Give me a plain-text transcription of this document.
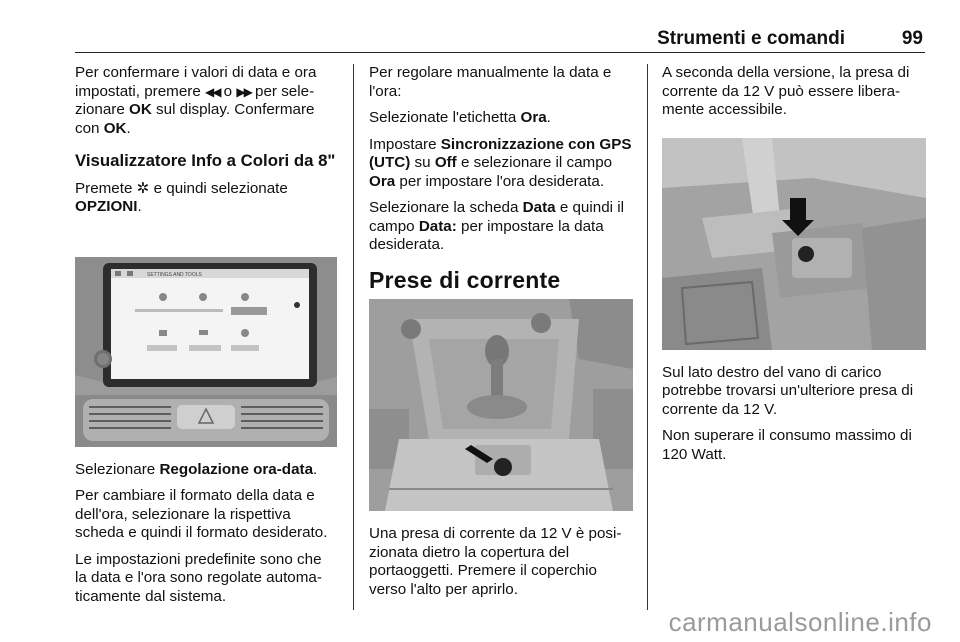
Strumenti e comandi	99

Per confermare i valori di data e ora impostati, premere ◀◀ o ▶▶ per sele-zionare OK sul display. Confermare con OK.

Visualizzatore Info a Colori da 8"

Premete ✲ e quindi selezionate OPZIONI.

SETTINGS AND TOOLS

Selezionare Regolazione ora-data.

Per cambiare il formato della data e dell'ora, selezionare la rispettiva scheda e quindi il formato desiderato.

Le impostazioni predefinite sono che la data e l'ora sono regolate automa-ticamente dal sistema.

Per regolare manualmente la data e l'ora:

Selezionate l'etichetta Ora.

Impostare Sincronizzazione con GPS (UTC) su Off e selezionare il campo Ora per impostare l'ora desiderata.

Selezionare la scheda Data e quindi il campo Data: per impostare la data desiderata.

Prese di corrente

Una presa di corrente da 12 V è posi-zionata dietro la copertura del portaoggetti. Premere il coperchio verso l'alto per aprirlo.

A seconda della versione, la presa di corrente da 12 V può essere libera-mente accessibile.

Sul lato destro del vano di carico potrebbe trovarsi un'ulteriore presa di corrente da 12 V.

Non superare il consumo massimo di 120 Watt.

carmanualsonline.info
